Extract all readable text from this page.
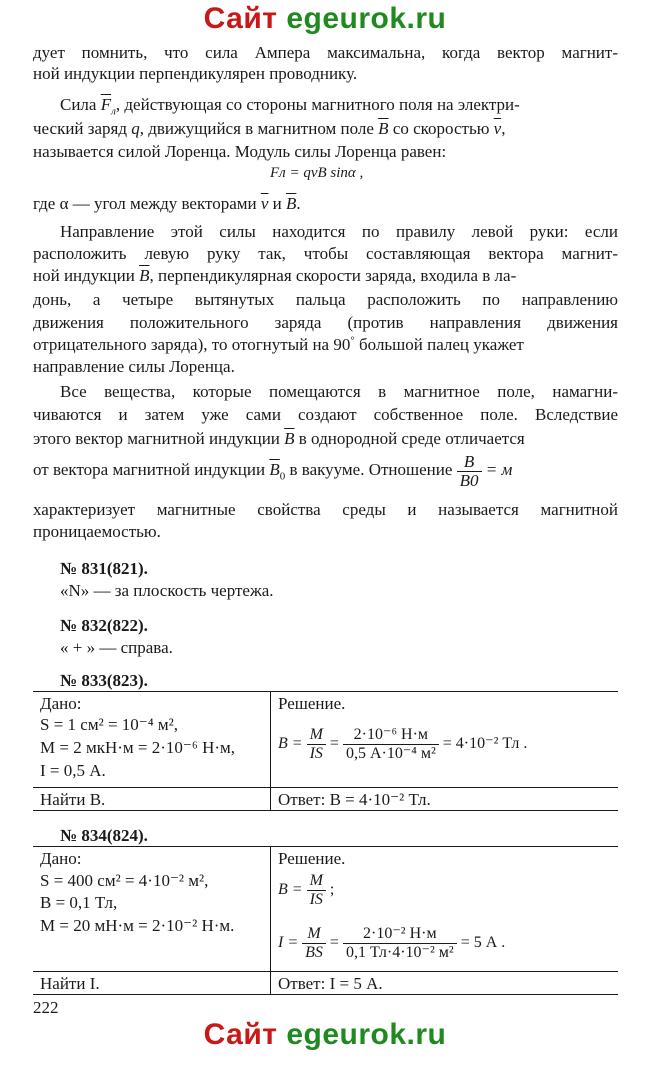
Сайт egeurok.ru
дует помнить, что сила Ампера максимальна, когда вектор магнит-
ной индукции перпендикулярен проводнику.
Сила $\overline{F}_л$, действующая со стороны магнитного поля на электри-
ческий заряд q, движущийся в магнитном поле $\overline{B}$ со скоростью $\overline{v}$,
называется силой Лоренца. Модуль силы Лоренца равен:
Fл = qvB sinα ,
где α — угол между векторами $\overline{v}$ и $\overline{B}$.
Направление этой силы находится по правилу левой руки: если
расположить левую руку так, чтобы составляющая вектора магнит-
ной индукции $\overline{B}$, перпендикулярная скорости заряда, входила в ла-
донь, а четыре вытянутых пальца расположить по направлению
движения положительного заряда (против направления движения
отрицательного заряда), то отогнутый на 90° большой палец укажет
направление силы Лоренца.
Все вещества, которые помещаются в магнитное поле, намагни-
чиваются и затем уже сами создают собственное поле. Вследствие
этого вектор магнитной индукции $\overline{B}$ в однородной среде отличается
от вектора магнитной индукции $\overline{B}_0$ в вакууме. Отношение $\frac{B}{B0} = м$
характеризует магнитные свойства среды и называется магнитной
проницаемостью.
№ 831(821).
«N» — за плоскость чертежа.
№ 832(822).
« + » — справа.
№ 833(823).
Дано:
S = 1 см² = 10⁻⁴ м²,
M = 2 мкН·м = 2·10⁻⁶ Н·м,
I = 0,5 А.
Найти B.
Решение.
$B = \frac{M}{IS} = \frac{\text{2·10⁻⁶ Н·м}}{\text{0,5 А·10⁻⁴ м²}} = 4\cdot 10^{-2}$ Тл .
Ответ: B = 4·10⁻² Тл.
№ 834(824).
Дано:
S = 400 см² = 4·10⁻² м²,
B = 0,1 Тл,
M = 20 мН·м = 2·10⁻² Н·м.
Найти I.
Решение.
$B = \frac{M}{IS}$ ;
$I = \frac{M}{BS} = \frac{\text{2·10⁻² Н·м}}{\text{0,1 Тл·4·10⁻² м²}} = 5$ А .
Ответ: I = 5 А.
222
Сайт egeurok.ru
